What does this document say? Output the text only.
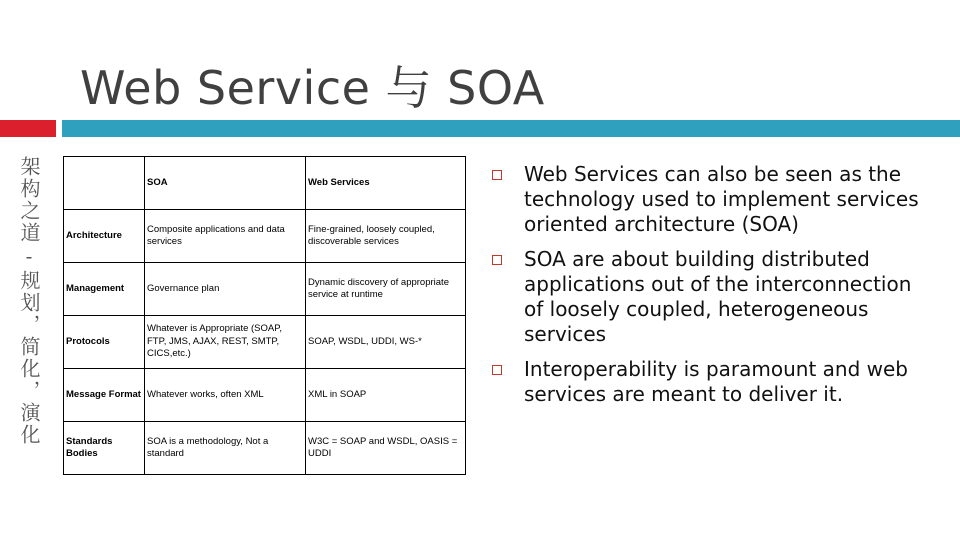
Web Service 与 SOA
架构之道-规划，简化，演化
		SOA	Web Services
Architecture	Composite applications and data services	Fine-grained, loosely coupled, discoverable services
Management	Governance plan	Dynamic discovery of appropriate service at runtime
Protocols	Whatever is Appropriate (SOAP, FTP, JMS, AJAX, REST, SMTP, CICS,etc.)	SOAP, WSDL, UDDI, WS-*
Message Format	Whatever works, often XML	XML in SOAP
Standards Bodies	SOA is a methodology, Not a standard	W3C = SOAP and WSDL, OASIS = UDDI
Web Services can also be seen as the technology used to implement services oriented architecture (SOA)
SOA are about building distributed applications out of the interconnection of loosely coupled, heterogeneous services
Interoperability is paramount and web services are meant to deliver it.
